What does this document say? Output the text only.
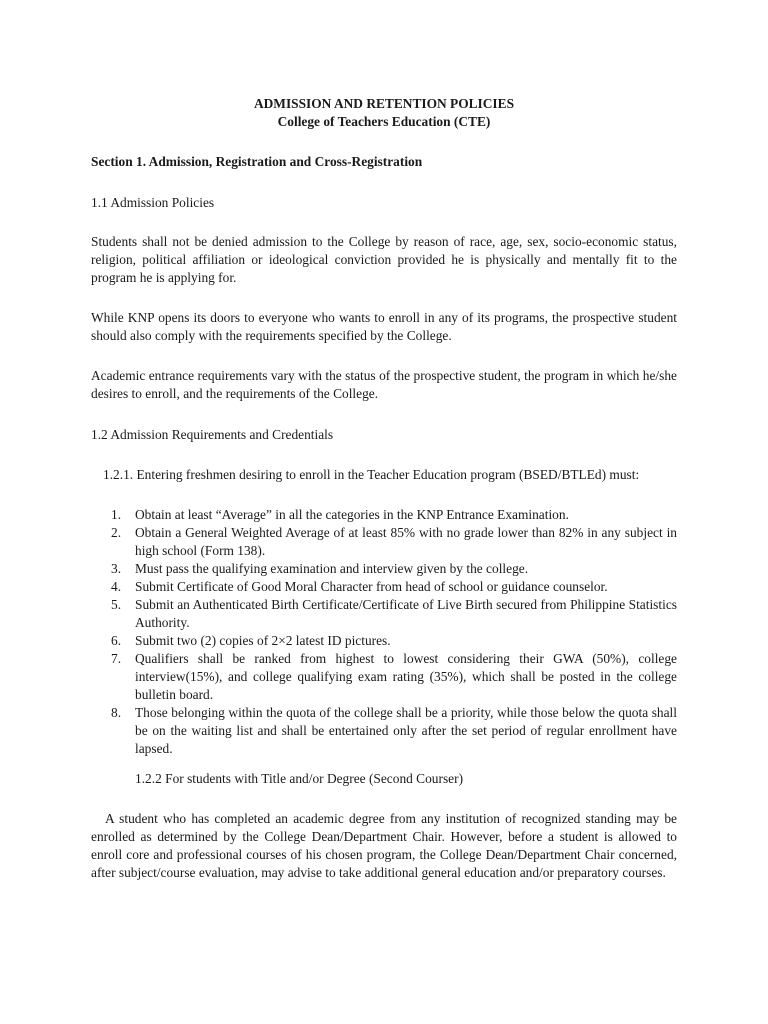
ADMISSION AND RETENTION POLICIES

College of Teachers Education (CTE)

Section 1. Admission, Registration and Cross-Registration

1.1 Admission Policies

Students shall not be denied admission to the College by reason of race, age, sex, socio-economic status, religion, political affiliation or ideological conviction provided he is physically and mentally fit to the program he is applying for.

While KNP opens its doors to everyone who wants to enroll in any of its programs, the prospective student should also comply with the requirements specified by the College.

Academic entrance requirements vary with the status of the prospective student, the program in which he/she desires to enroll, and the requirements of the College.

1.2 Admission Requirements and Credentials

1.2.1. Entering freshmen desiring to enroll in the Teacher Education program (BSED/BTLEd) must:

1. Obtain at least “Average” in all the categories in the KNP Entrance Examination.
2. Obtain a General Weighted Average of at least 85% with no grade lower than 82% in any subject in high school (Form 138).
3. Must pass the qualifying examination and interview given by the college.
4. Submit Certificate of Good Moral Character from head of school or guidance counselor.
5. Submit an Authenticated Birth Certificate/Certificate of Live Birth secured from Philippine Statistics Authority.
6. Submit two (2) copies of 2×2 latest ID pictures.
7. Qualifiers shall be ranked from highest to lowest considering their GWA (50%), college interview(15%), and college qualifying exam rating (35%), which shall be posted in the college bulletin board.
8. Those belonging within the quota of the college shall be a priority, while those below the quota shall be on the waiting list and shall be entertained only after the set period of regular enrollment have lapsed.

1.2.2 For students with Title and/or Degree (Second Courser)

A student who has completed an academic degree from any institution of recognized standing may be enrolled as determined by the College Dean/Department Chair. However, before a student is allowed to enroll core and professional courses of his chosen program, the College Dean/Department Chair concerned, after subject/course evaluation, may advise to take additional general education and/or preparatory courses.
